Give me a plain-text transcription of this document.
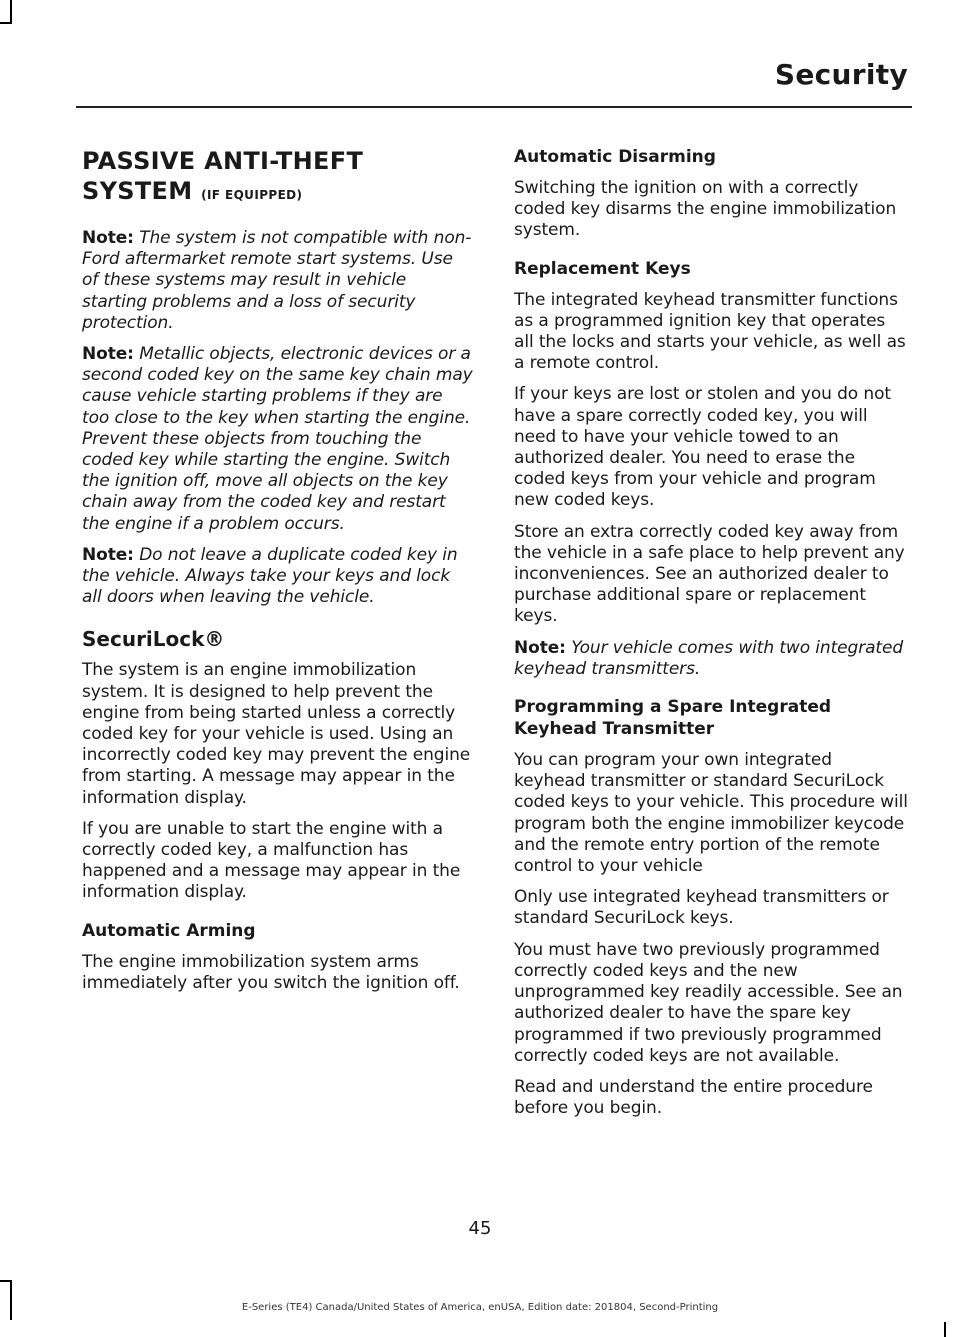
Security
PASSIVE ANTI-THEFT SYSTEM (IF EQUIPPED)

Note: The system is not compatible with non-Ford aftermarket remote start systems. Use of these systems may result in vehicle starting problems and a loss of security protection.

Note: Metallic objects, electronic devices or a second coded key on the same key chain may cause vehicle starting problems if they are too close to the key when starting the engine. Prevent these objects from touching the coded key while starting the engine. Switch the ignition off, move all objects on the key chain away from the coded key and restart the engine if a problem occurs.

Note: Do not leave a duplicate coded key in the vehicle. Always take your keys and lock all doors when leaving the vehicle.

SecuriLock®

The system is an engine immobilization system. It is designed to help prevent the engine from being started unless a correctly coded key for your vehicle is used. Using an incorrectly coded key may prevent the engine from starting. A message may appear in the information display.

If you are unable to start the engine with a correctly coded key, a malfunction has happened and a message may appear in the information display.

Automatic Arming

The engine immobilization system arms immediately after you switch the ignition off.

Automatic Disarming

Switching the ignition on with a correctly coded key disarms the engine immobilization system.

Replacement Keys

The integrated keyhead transmitter functions as a programmed ignition key that operates all the locks and starts your vehicle, as well as a remote control.

If your keys are lost or stolen and you do not have a spare correctly coded key, you will need to have your vehicle towed to an authorized dealer. You need to erase the coded keys from your vehicle and program new coded keys.

Store an extra correctly coded key away from the vehicle in a safe place to help prevent any inconveniences. See an authorized dealer to purchase additional spare or replacement keys.

Note: Your vehicle comes with two integrated keyhead transmitters.

Programming a Spare Integrated Keyhead Transmitter

You can program your own integrated keyhead transmitter or standard SecuriLock coded keys to your vehicle. This procedure will program both the engine immobilizer keycode and the remote entry portion of the remote control to your vehicle

Only use integrated keyhead transmitters or standard SecuriLock keys.

You must have two previously programmed correctly coded keys and the new unprogrammed key readily accessible. See an authorized dealer to have the spare key programmed if two previously programmed correctly coded keys are not available.

Read and understand the entire procedure before you begin.

45
E-Series (TE4) Canada/United States of America, enUSA, Edition date: 201804, Second-Printing
